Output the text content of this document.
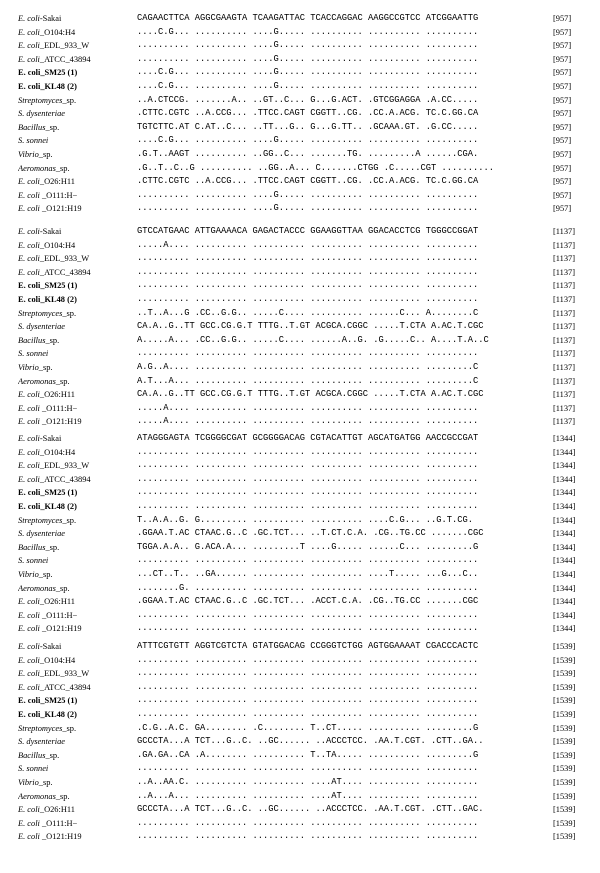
E. coli-Sakai	CAGAACTTCA AGGCGAAGTA TCAAGATTAC TCACCAGGAC AAGGCCGTCC ATCGGAATTG	[957]
E. coli_O104:H4	....C.G... .......... ....G..... .......... .......... ..........	[957]
E. coli_EDL_933_W	.......... .......... ....G..... .......... .......... ..........	[957]
E. coli_ATCC_43894	.......... .......... ....G..... .......... .......... ..........	[957]
E. coli_SM25 (1)	....C.G... .......... ....G..... .......... .......... ..........	[957]
E. coli_KL48 (2)	....C.G... .......... ....G..... .......... .......... ..........	[957]
Streptomyces_sp.	..A.CTCCG. .......A.. ..GT..C... G...G.ACT. .GTCGGAGGA .A.CC.....	[957]
S. dysenteriae	.CTTC.CGTC ..A.CCG... .TTCC.CAGT CGGTT..CG. .CC.A.ACG. TC.C.GG.CA	[957]
Bacillus_sp.	TGTCTTC.AT C.AT..C... ..TT...G.. G...G.TT.. .GCAAA.GT. .G.CC.....	[957]
S. sonnei	....C.G... .......... ....G..... .......... .......... ..........	[957]
Vibrio_sp.	.G.T..AAGT .......... ..GG..C... .......TG. .........A ......CGA.	[957]
Aeromonas_sp.	.G..T..C..G .......... ..GG..A... C.......CTGG .C.....CGT ..........	[957]
E. coli_O26:H11	.CTTC.CGTC ..A.CCG... .TTCC.CAGT CGGTT..CG. .CC.A.ACG. TC.C.GG.CA	[957]
E. coli _O111:H−	.......... .......... ....G..... .......... .......... ..........	[957]
E. coli _O121:H19	.......... .......... ....G..... .......... .......... ..........	[957]
E. coli-Sakai	GTCCATGAAC ATTGAAAACA GAGACTACCC GGAAGGTTAA GGACACCTCG TGGGCCGGAT	[1137]
E. coli_O104:H4	.....A.... .......... .......... .......... .......... ..........	[1137]
E. coli_EDL_933_W	.......... .......... .......... .......... .......... ..........	[1137]
E. coli_ATCC_43894	.......... .......... .......... .......... .......... ..........	[1137]
E. coli_SM25 (1)	.......... .......... .......... .......... .......... ..........	[1137]
E. coli_KL48 (2)	.......... .......... .......... .......... .......... ..........	[1137]
Streptomyces_sp.	..T..A...G .CC..G.G.. .....C.... .......... ......C... A........C	[1137]
S. dysenteriae	CA.A..G..TT GCC.CG.G.T TTTG..T.GT ACGCA.CGGC .....T.CTA A.AC.T.CGC	[1137]
Bacillus_sp.	A.....A... .CC..G.G.. .....C.... ......A..G. .G.....C.. A....T.A..C	[1137]
S. sonnei	.......... .......... .......... .......... .......... ..........	[1137]
Vibrio_sp.	A.G..A.... .......... .......... .......... .......... .........C	[1137]
Aeromonas_sp.	A.T...A... .......... .......... .......... .......... .........C	[1137]
E. coli_O26:H11	CA.A..G..TT GCC.CG.G.T TTTG..T.GT ACGCA.CGGC .....T.CTA A.AC.T.CGC	[1137]
E. coli _O111:H−	.....A.... .......... .......... .......... .......... ..........	[1137]
E. coli _O121:H19	.....A.... .......... .......... .......... .......... ..........	[1137]
E. coli-Sakai	ATAGGGAGTA TCGGGGCGAT GCGGGGACAG CGTACATTGT AGCATGATGG AACCGCCGAT	[1344]
E. coli_O104:H4	.......... .......... .......... .......... .......... ..........	[1344]
E. coli_EDL_933_W	.......... .......... .......... .......... .......... ..........	[1344]
E. coli_ATCC_43894	.......... .......... .......... .......... .......... ..........	[1344]
E. coli_SM25 (1)	.......... .......... .......... .......... .......... ..........	[1344]
E. coli_KL48 (2)	.......... .......... .......... .......... .......... ..........	[1344]
Streptomyces_sp.	T..A.A..G. G......... .......... .......... ....C.G... ..G.T.CG.	[1344]
S. dysenteriae	.GGAA.T.AC CTAAC.G..C .GC.TCT... ..T.CT.C.A. .CG..TG.CC .......CGC	[1344]
Bacillus_sp.	TGGA.A.A.. G.ACA.A... .........T ....G..... ......C... .........G	[1344]
S. sonnei	.......... .......... .......... .......... .......... ..........	[1344]
Vibrio_sp.	...CT..T.. ..GA...... .......... .......... ....T..... ...G...C..	[1344]
Aeromonas_sp.	........G. .......... .......... .......... .......... ..........	[1344]
E. coli_O26:H11	.GGAA.T.AC CTAAC.G..C .GC.TCT... .ACCT.C.A. .CG..TG.CC .......CGC	[1344]
E. coli _O111:H−	.......... .......... .......... .......... .......... ..........	[1344]
E. coli _O121:H19	.......... .......... .......... .......... .......... ..........	[1344]
E. coli-Sakai	ATTTCGTGTT AGGTCGTCTA GTATGGACAG CCGGGTCTGG AGTGGAAAAT CGACCCACTC	[1539]
E. coli_O104:H4	.......... .......... .......... .......... .......... ..........	[1539]
E. coli_EDL_933_W	.......... .......... .......... .......... .......... ..........	[1539]
E. coli_ATCC_43894	.......... .......... .......... .......... .......... ..........	[1539]
E. coli_SM25 (1)	.......... .......... .......... .......... .......... ..........	[1539]
E. coli_KL48 (2)	.......... .......... .......... .......... .......... ..........	[1539]
Streptomyces_sp.	.C.G..A.C. GA........ .C........ T..CT..... .......... .........G	[1539]
S. dysenteriae	GCCCTA...A TCT...G..C. ..GC...... ..ACCCTCC. .AA.T.CGT. .CTT..GA..	[1539]
Bacillus_sp.	.GA.GA..CA .A........ .......... T..TA..... .......... .........G	[1539]
S. sonnei	.......... .......... .......... .......... .......... ..........	[1539]
Vibrio_sp.	..A..AA.C. .......... .......... ....AT.... .......... ..........	[1539]
Aeromonas_sp.	..A...A... .......... .......... ....AT.... .......... ..........	[1539]
E. coli_O26:H11	GCCCTA...A TCT...G..C. ..GC...... ..ACCCTCC. .AA.T.CGT. .CTT..GAC.	[1539]
E. coli _O111:H−	.......... .......... .......... .......... .......... ..........	[1539]
E. coli _O121:H19	.......... .......... .......... .......... .......... ..........	[1539]
